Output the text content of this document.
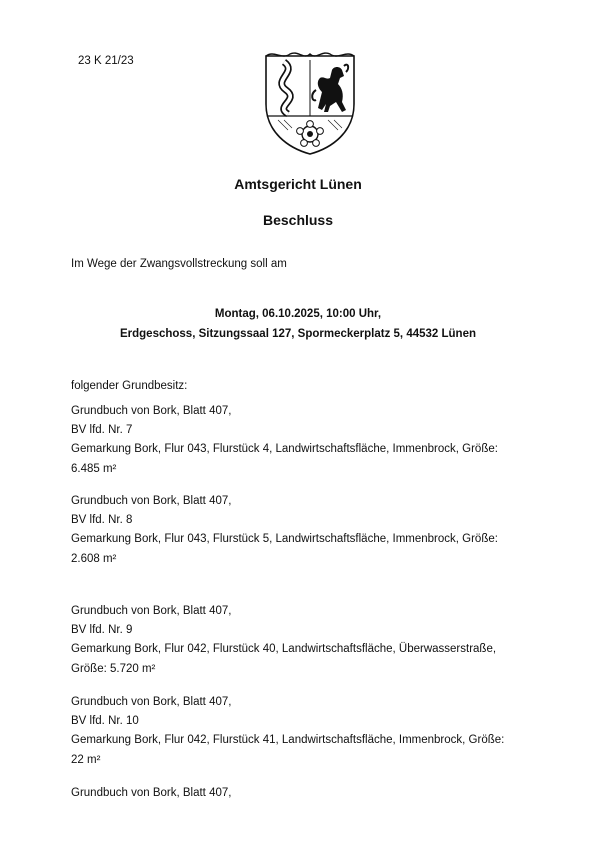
23 K 21/23
Amtsgericht Lünen
Beschluss
Im Wege der Zwangsvollstreckung soll am
Montag, 06.10.2025, 10:00 Uhr,
Erdgeschoss, Sitzungssaal 127, Spormeckerplatz 5, 44532 Lünen
folgender Grundbesitz:
Grundbuch von Bork, Blatt 407,
BV lfd. Nr. 7
Gemarkung Bork, Flur 043, Flurstück 4, Landwirtschaftsfläche, Immenbrock, Größe:
6.485 m²
Grundbuch von Bork, Blatt 407,
BV lfd. Nr. 8
Gemarkung Bork, Flur 043, Flurstück 5, Landwirtschaftsfläche, Immenbrock, Größe:
2.608 m²
Grundbuch von Bork, Blatt 407,
BV lfd. Nr. 9
Gemarkung Bork, Flur 042, Flurstück 40, Landwirtschaftsfläche, Überwasserstraße,
Größe: 5.720 m²
Grundbuch von Bork, Blatt 407,
BV lfd. Nr. 10
Gemarkung Bork, Flur 042, Flurstück 41, Landwirtschaftsfläche, Immenbrock, Größe:
22 m²
Grundbuch von Bork, Blatt 407,
